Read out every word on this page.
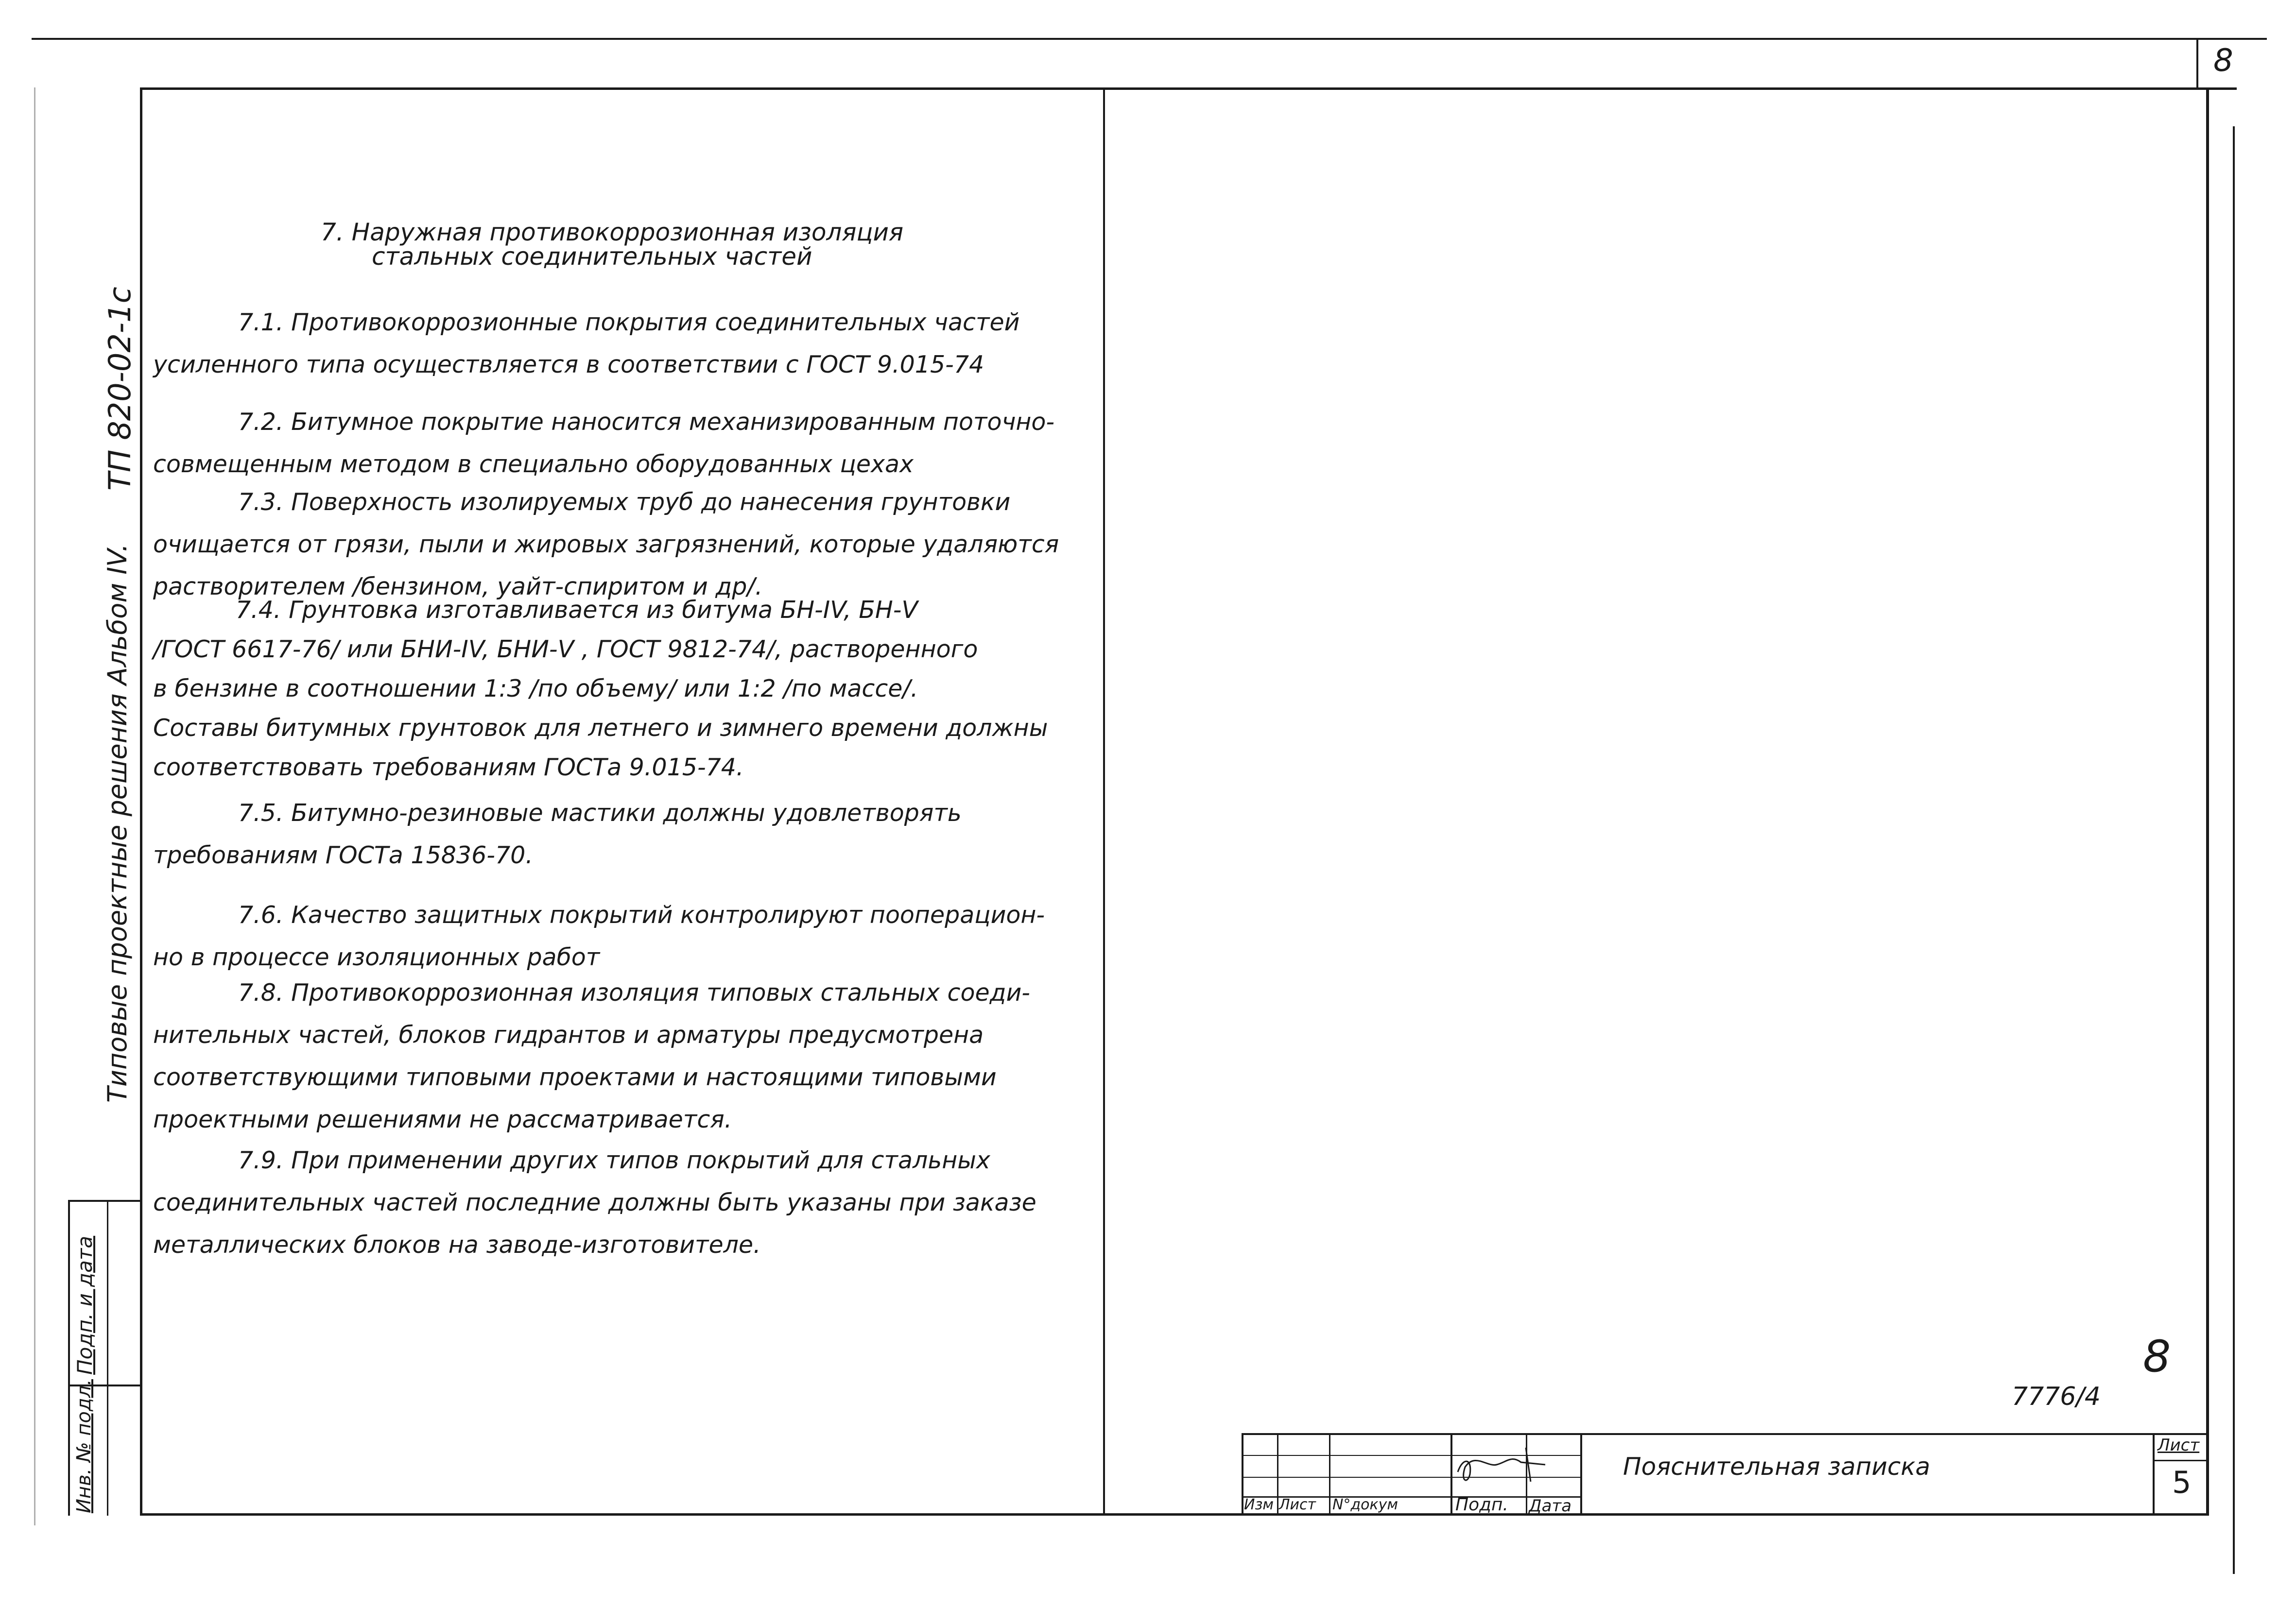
8
Типовые проектные решения Альбом IV.
ТП 820-02-1с
Подп. и дата
Инв. № подл.
7. Наружная противокоррозионная изоляция
стальных соединительных частей
7.1. Противокоррозионные покрытия соединительных частей
усиленного типа осуществляется в соответствии с ГОСТ 9.015-74
7.2. Битумное покрытие наносится механизированным поточно-
совмещенным методом в специально оборудованных цехах
7.3. Поверхность изолируемых труб до нанесения грунтовки
очищается от грязи, пыли и жировых загрязнений, которые удаляются
растворителем /бензином, уайт-спиритом и др/.
7.4. Грунтовка изготавливается из битума БН-IV, БН-V
/ГОСТ 6617-76/ или БНИ-IV, БНИ-V , ГОСТ 9812-74/, растворенного
в бензине в соотношении 1:3 /по объему/ или 1:2 /по массе/.
Составы битумных грунтовок для летнего и зимнего времени должны
соответствовать требованиям ГОСТа 9.015-74.
7.5. Битумно-резиновые мастики должны удовлетворять
требованиям ГОСТа 15836-70.
7.6. Качество защитных покрытий контролируют пооперацион-
но в процессе изоляционных работ
7.8. Противокоррозионная изоляция типовых стальных соеди-
нительных частей, блоков гидрантов и арматуры предусмотрена
соответствующими типовыми проектами и настоящими типовыми
проектными решениями не рассматривается.
7.9. При применении других типов покрытий для стальных
соединительных частей последние должны быть указаны при заказе
металлических блоков на заводе-изготовителе.
7776/4
8
Изм Лист N°докум	Подп. Дата
Пояснительная записка
Лист
5
